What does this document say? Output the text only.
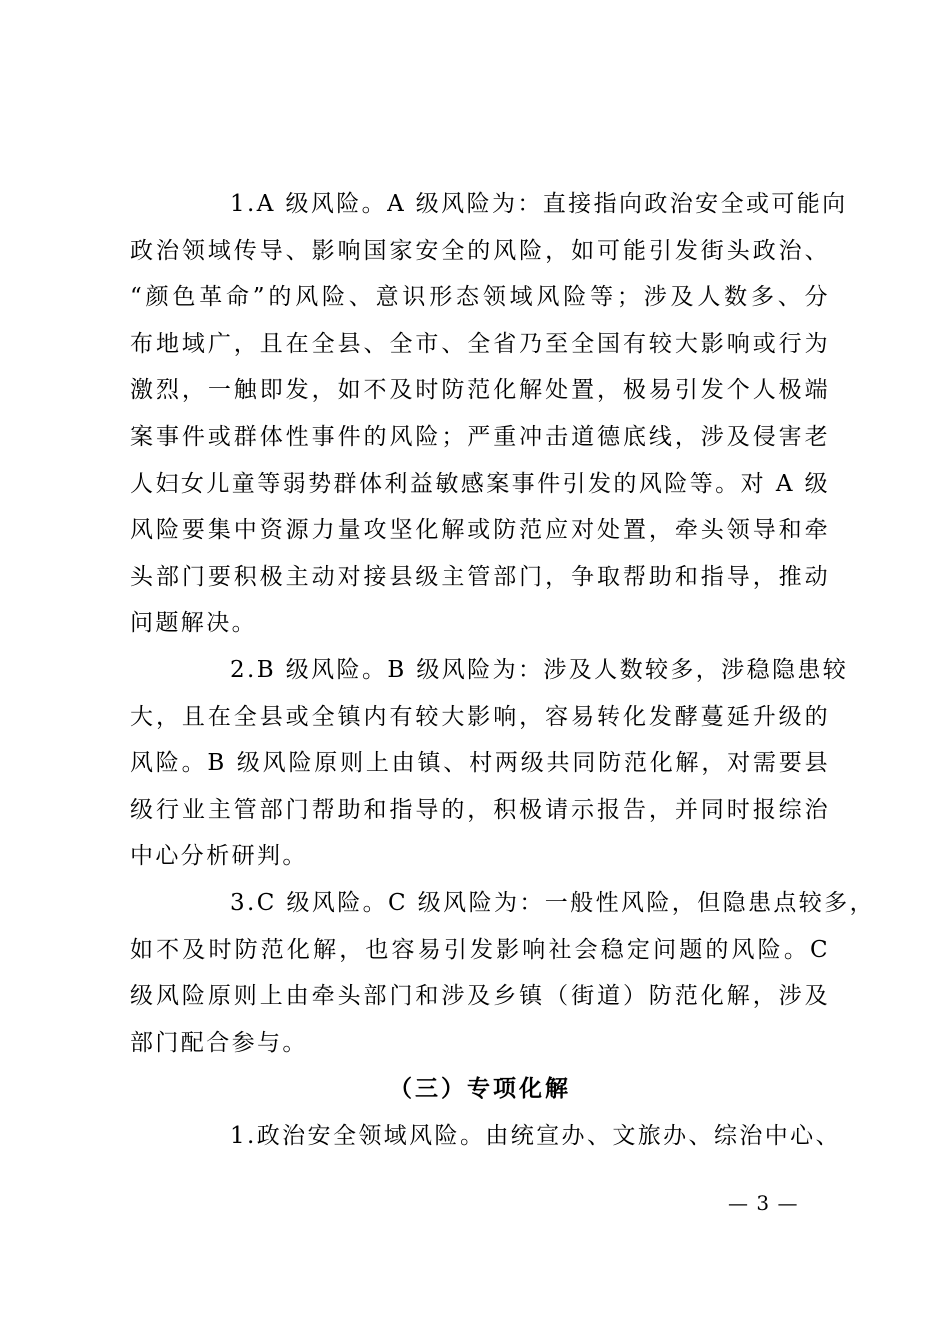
1.A 级风险。A 级风险为：直接指向政治安全或可能向
政治领域传导、影响国家安全的风险，如可能引发街头政治、
“颜色革命”的风险、意识形态领域风险等；涉及人数多、分
布地域广，且在全县、全市、全省乃至全国有较大影响或行为
激烈，一触即发，如不及时防范化解处置，极易引发个人极端
案事件或群体性事件的风险；严重冲击道德底线，涉及侵害老
人妇女儿童等弱势群体利益敏感案事件引发的风险等。对 A 级
风险要集中资源力量攻坚化解或防范应对处置，牵头领导和牵
头部门要积极主动对接县级主管部门，争取帮助和指导，推动
问题解决。
2.B 级风险。B 级风险为：涉及人数较多，涉稳隐患较
大，且在全县或全镇内有较大影响，容易转化发酵蔓延升级的
风险。B 级风险原则上由镇、村两级共同防范化解，对需要县
级行业主管部门帮助和指导的，积极请示报告，并同时报综治
中心分析研判。
3.C 级风险。C 级风险为：一般性风险，但隐患点较多，
如不及时防范化解，也容易引发影响社会稳定问题的风险。C
级风险原则上由牵头部门和涉及乡镇（街道）防范化解，涉及
部门配合参与。
（三）专项化解
1.政治安全领域风险。由统宣办、文旅办、综治中心、
— 3 —
